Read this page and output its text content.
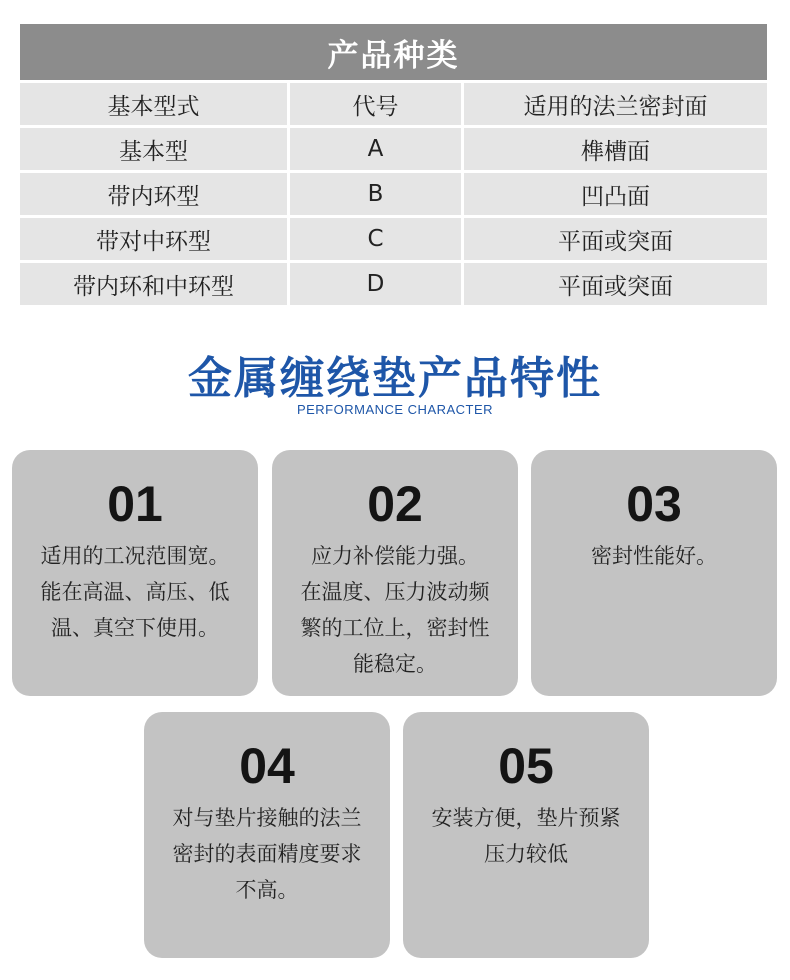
产品种类
基本型式	代号	适用的法兰密封面
基本型	A	榫槽面
带内环型	B	凹凸面
带对中环型	C	平面或突面
带内环和中环型	D	平面或突面
金属缠绕垫产品特性
PERFORMANCE CHARACTER
01
适用的工况范围宽。
能在高温、高压、低
温、真空下使用。
02
应力补偿能力强。
在温度、压力波动频
繁的工位上，密封性
能稳定。
03
密封性能好。
04
对与垫片接触的法兰
密封的表面精度要求
不高。
05
安装方便，垫片预紧
压力较低
